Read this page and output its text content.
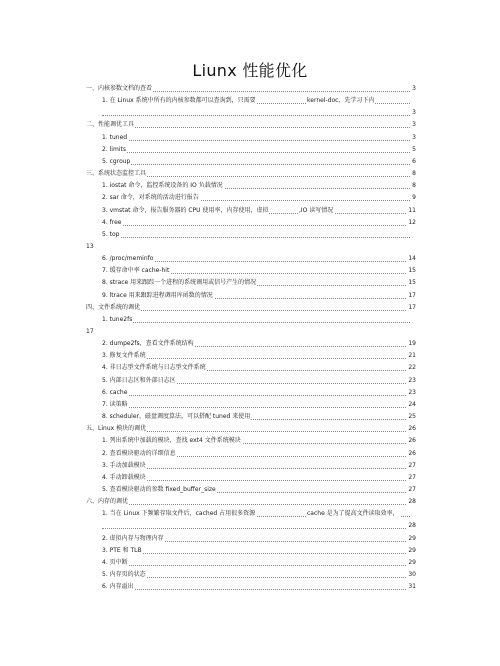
Liunx 性能优化
一、内核参数文档的查看	3
1. 在 Linux 系统中所有的内核参数都可以查询到，只需要	kernel-doc，先学习下内
3
二、性能调优工具	3
1. tuned	3
2. limits	5
5. cgroup	6
三、系统状态监控工具	8
1. iostat 命令，监控系统设备的 IO 负载情况	8
2. sar 命令，对系统的活动进行报告	9
3. vmstat 命令，报告服务器的 CPU 使用率，内存使用，虚拟	,IO 读写情况	11
4. free	12
5. top
13
6. /proc/meminfo	14
7. 缓存命中率 cache-hit	15
8. strace 用来跟踪一个进程的系统调用或信号产生的情况	15
9. ltrace 用来跟踪进程调用库函数的情况	17
四、文件系统的调优	17
1. tune2fs
17
2. dumpe2fs，查看文件系统结构	19
3. 修复文件系统	21
4. 非日志型文件系统与日志型文件系统	22
5. 内部日志区和外部日志区	23
6. cache	23
7. 读策略	24
8. scheduler，磁盘调度算法，可以搭配 tuned 来使用	25
五、Linux 模块的调优	26
1. 列出系统中加载的模块，查找 ext4 文件系统模块	26
2. 查看模块驱动的详细信息	26
3. 手动加载模块	27
4. 手动卸载模块	27
5. 查看模块驱动的参数 fixed_buffer_size	27
六、内存的调优	28
1. 当在 Linux 下频繁存取文件后，cached 占用很多资源	cache 是为了提高文件读取效率，
28
2. 虚拟内存与物理内存	29
3. PTE 和 TLB	29
4. 页中断	29
5. 内存页的状态	30
6. 内存溢出	31
